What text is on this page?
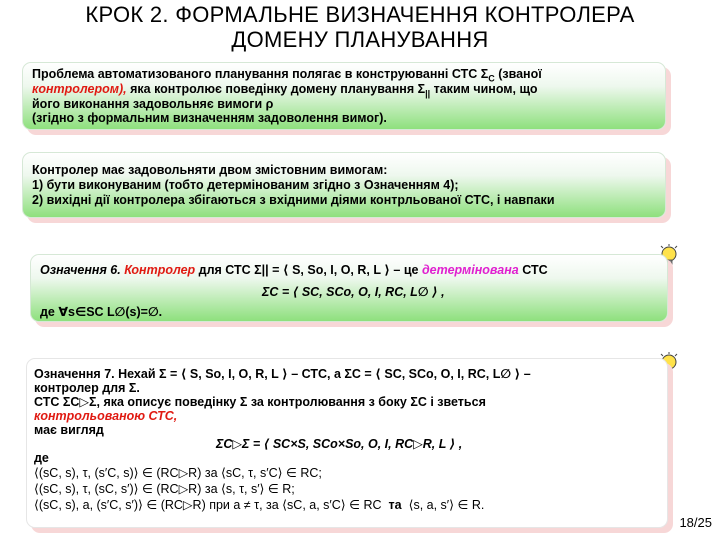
КРОК 2. ФОРМАЛЬНЕ ВИЗНАЧЕННЯ КОНТРОЛЕРА
ДОМЕНУ ПЛАНУВАННЯ
Проблема автоматизованого планування полягає в конструюванні СТС $\Sigma_C$ (званої
контролером), яка контролює поведінку домену планування $\Sigma_{||}$ таким чином, що
його виконання задовольняє вимоги ρ
(згідно з формальним визначенням задоволення вимог).
Контролер має задовольняти двом змістовним вимогам:
1) бути виконуваним (тобто детермінованим згідно з Означенням 4);
2) вихідні дії контролера збігаються з вхідними діями контрльованої СТС, і навпаки
Означення 6. Контролер для СТС Σ|| = ⟨ S, So, I, O, R, L ⟩ – це детермінована СТС
ΣC = ⟨ SC, SCo, O, I, RC, L∅ ⟩ ,
де ∀s∈SC L∅(s)=∅.
Означення 7. Нехай Σ = ⟨ S, So, I, O, R, L ⟩ – СТС, а ΣC = ⟨ SC, SCo, O, I, RC, L∅ ⟩ –
контролер для Σ.
СТС ΣC▷Σ, яка описує поведінку Σ за контролювання з боку ΣC і зветься
контрольованою СТС,
має вигляд
ΣC▷Σ = ⟨ SC×S, SCo×So, O, I, RC▷R, L ⟩ ,
де
⟨(sC, s), τ, (s′C, s)⟩ ∈ (RC▷R) за ⟨sC, τ, s′C⟩ ∈ RC;
⟨(sC, s), τ, (sC, s′)⟩ ∈ (RC▷R) за ⟨s, τ, s′⟩ ∈ R;
⟨(sC, s), a, (s′C, s′)⟩ ∈ (RC▷R) при a ≠ τ, за ⟨sC, a, s′C⟩ ∈ RC та ⟨s, a, s′⟩ ∈ R.
18/25
